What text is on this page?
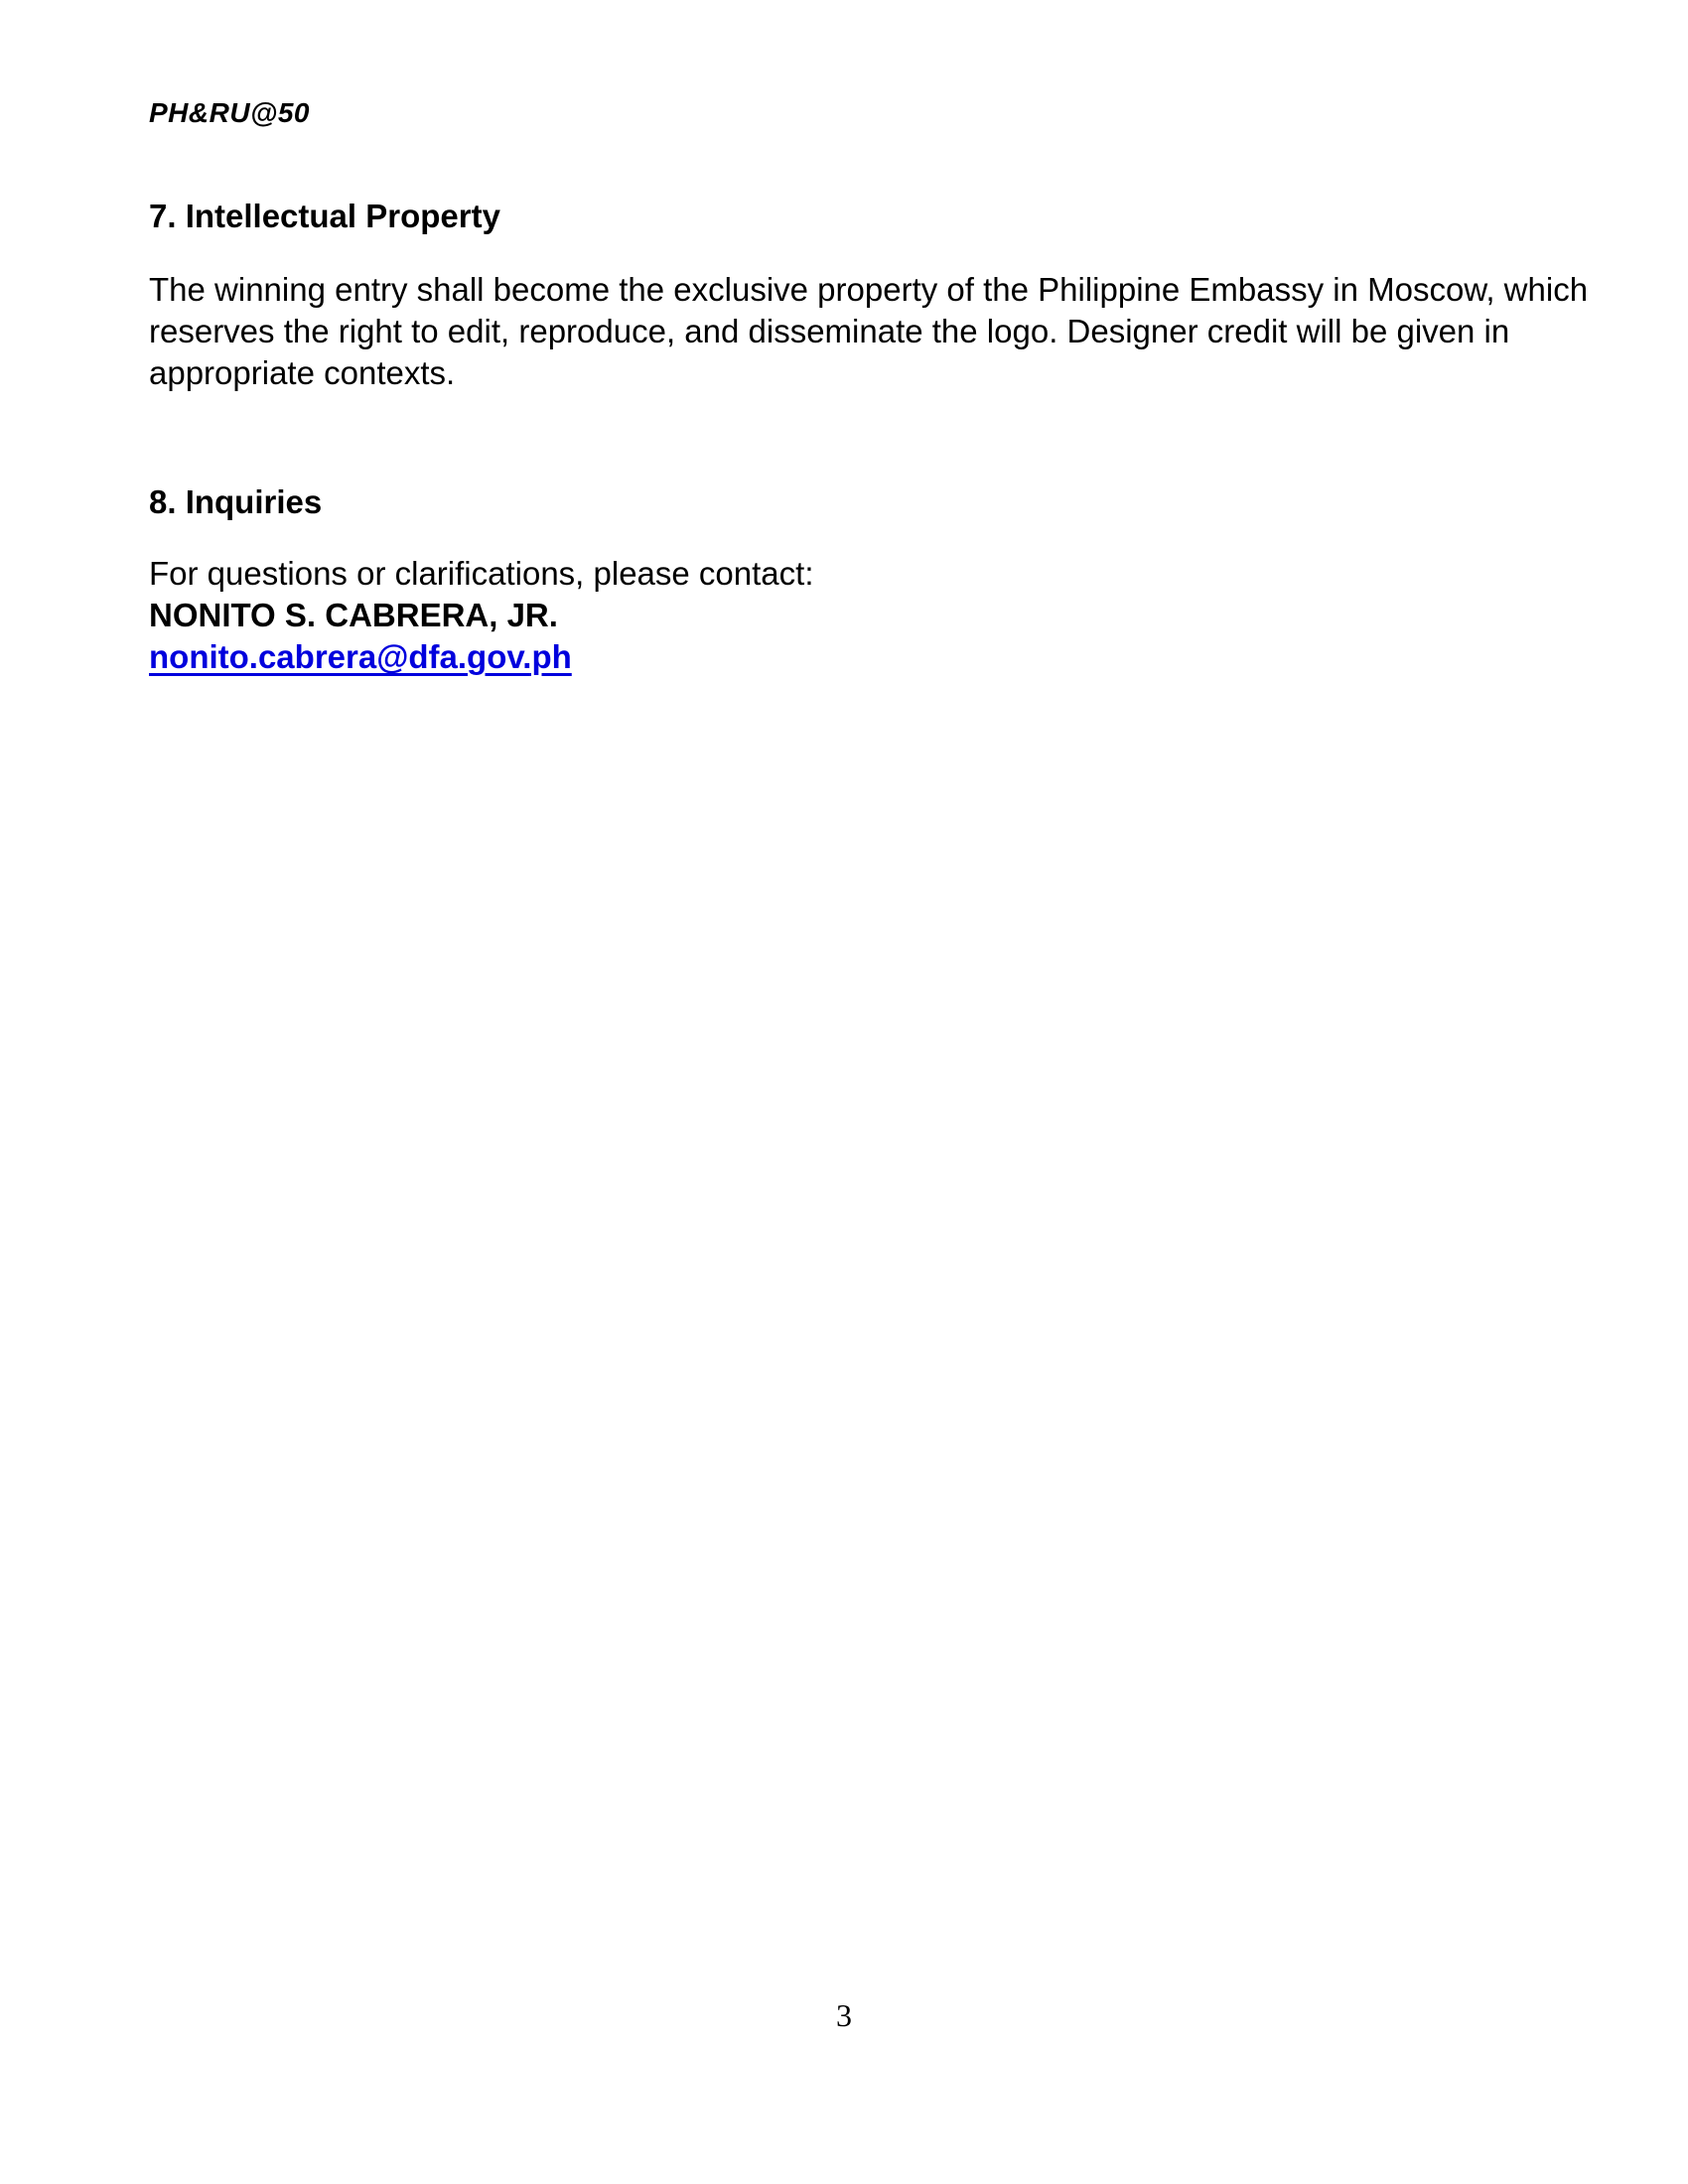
PH&RU@50
7. Intellectual Property
The winning entry shall become the exclusive property of the Philippine Embassy in Moscow, which reserves the right to edit, reproduce, and disseminate the logo. Designer credit will be given in appropriate contexts.
8. Inquiries
For questions or clarifications, please contact:
NONITO S. CABRERA, JR.
nonito.cabrera@dfa.gov.ph
3
